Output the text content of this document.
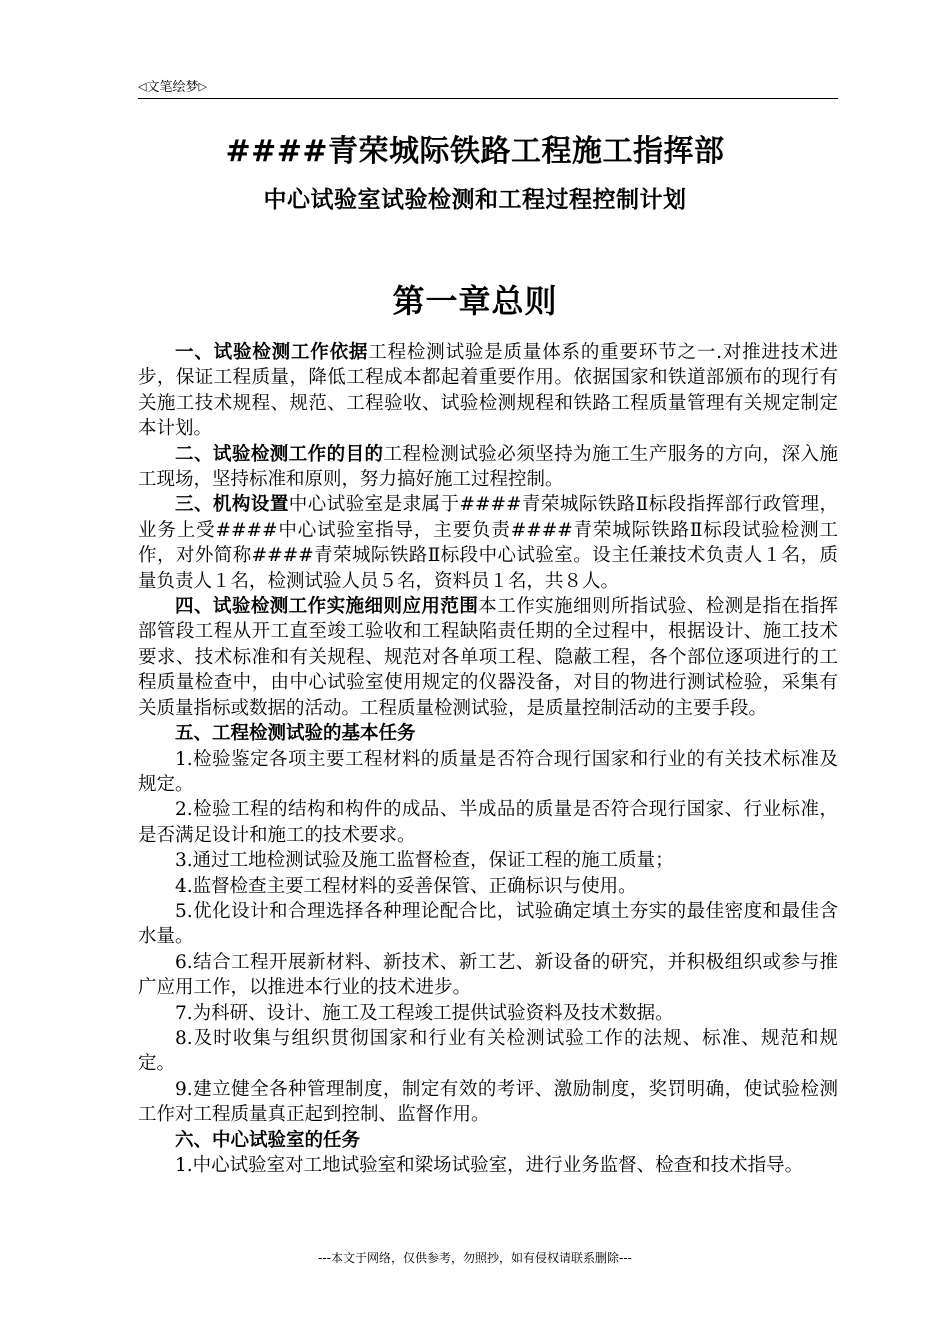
◁文笔绘梦▷
####青荣城际铁路工程施工指挥部
中心试验室试验检测和工程过程控制计划
第一章总则

一、试验检测工作依据工程检测试验是质量体系的重要环节之一.对推进技术进步，保证工程质量，降低工程成本都起着重要作用。依据国家和铁道部颁布的现行有关施工技术规程、规范、工程验收、试验检测规程和铁路工程质量管理有关规定制定本计划。

二、试验检测工作的目的工程检测试验必须坚持为施工生产服务的方向，深入施工现场，坚持标准和原则，努力搞好施工过程控制。

三、机构设置中心试验室是隶属于####青荣城际铁路Ⅱ标段指挥部行政管理，业务上受####中心试验室指导，主要负责####青荣城际铁路Ⅱ标段试验检测工作，对外简称####青荣城际铁路Ⅱ标段中心试验室。设主任兼技术负责人１名，质量负责人１名，检测试验人员５名，资料员１名，共８人。

四、试验检测工作实施细则应用范围本工作实施细则所指试验、检测是指在指挥部管段工程从开工直至竣工验收和工程缺陷责任期的全过程中，根据设计、施工技术要求、技术标准和有关规程、规范对各单项工程、隐蔽工程，各个部位逐项进行的工程质量检查中，由中心试验室使用规定的仪器没备，对目的物进行测试检验，采集有关质量指标或数据的活动。工程质量检测试验，是质量控制活动的主要手段。

五、工程检测试验的基本任务

1.检验鉴定各项主要工程材料的质量是否符合现行国家和行业的有关技术标准及规定。

2.检验工程的结构和构件的成品、半成品的质量是否符合现行国家、行业标准，是否满足设计和施工的技术要求。

3.通过工地检测试验及施工监督检查，保证工程的施工质量；

4.监督检查主要工程材料的妥善保管、正确标识与使用。

5.优化设计和合理选择各种理论配合比，试验确定填土夯实的最佳密度和最佳含水量。

6.结合工程开展新材料、新技术、新工艺、新设备的研究，并积极组织或参与推广应用工作，以推进本行业的技术进步。

7.为科研、设计、施工及工程竣工提供试验资料及技术数据。

8.及时收集与组织贯彻国家和行业有关检测试验工作的法规、标准、规范和规定。

9.建立健全各种管理制度，制定有效的考评、激励制度，奖罚明确，使试验检测工作对工程质量真正起到控制、监督作用。

六、中心试验室的任务

1.中心试验室对工地试验室和梁场试验室，进行业务监督、检查和技术指导。

---本文于网络，仅供参考，勿照抄，如有侵权请联系删除---
